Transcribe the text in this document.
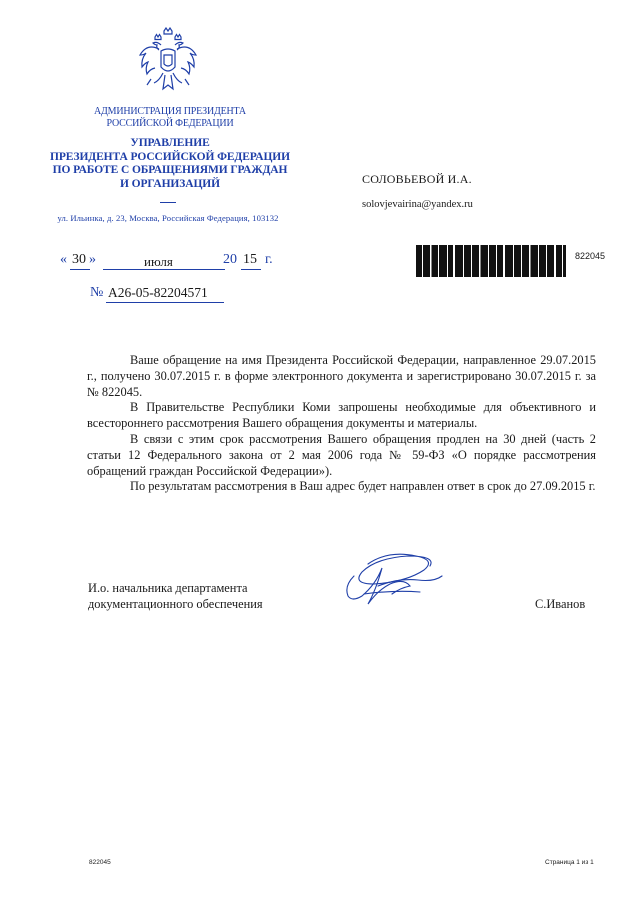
АДМИНИСТРАЦИЯ ПРЕЗИДЕНТА
РОССИЙСКОЙ ФЕДЕРАЦИИ
УПРАВЛЕНИЕ
ПРЕЗИДЕНТА РОССИЙСКОЙ ФЕДЕРАЦИИ
ПО РАБОТЕ С ОБРАЩЕНИЯМИ ГРАЖДАН
И ОРГАНИЗАЦИЙ
ул. Ильинка, д. 23, Москва, Российская Федерация, 103132
СОЛОВЬЕВОЙ И.А.
solovjevairina@yandex.ru
« 30 »	июля	20 15 г.
№ А26-05-82204571
822045

Ваше обращение на имя Президента Российской Федерации, направленное 29.07.2015 г., получено 30.07.2015 г. в форме электронного документа и зарегистрировано 30.07.2015 г. за № 822045.

В Правительстве Республики Коми запрошены необходимые для объективного и всестороннего рассмотрения Вашего обращения документы и материалы.

В связи с этим срок рассмотрения Вашего обращения продлен на 30 дней (часть 2 статьи 12 Федерального закона от 2 мая 2006 года № 59-ФЗ «О порядке рассмотрения обращений граждан Российской Федерации»).

По результатам рассмотрения в Ваш адрес будет направлен ответ в срок до 27.09.2015 г.

И.о. начальника департамента
документационного обеспечения	С.Иванов
822045	Страница 1 из 1
